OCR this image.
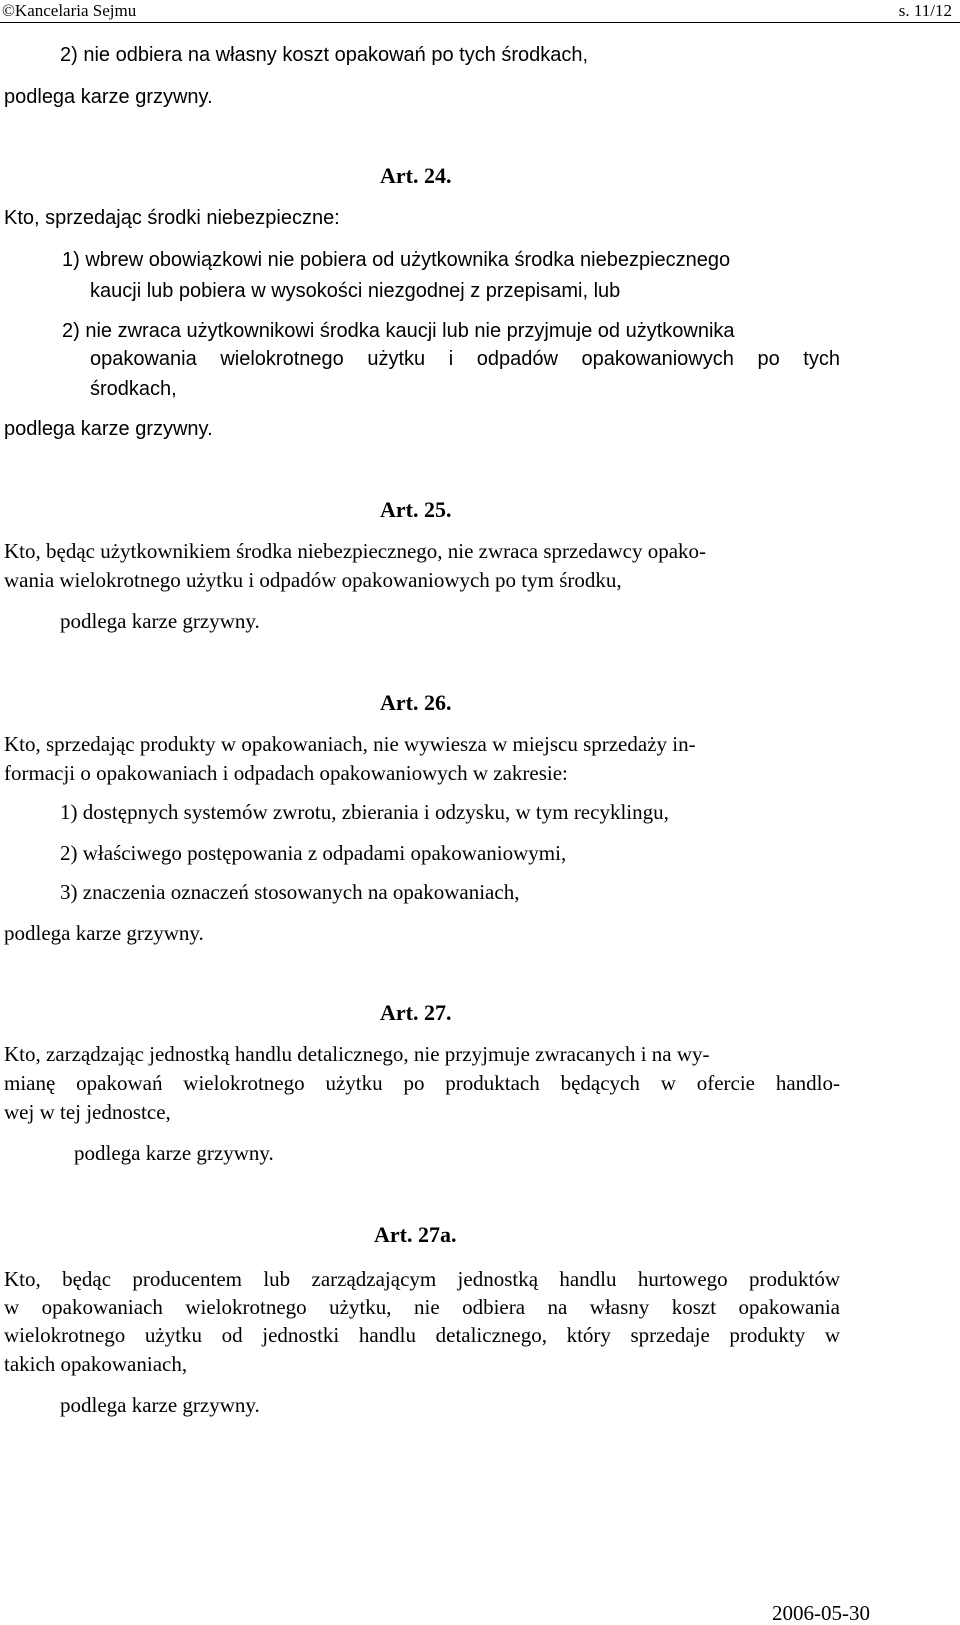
©Kancelaria Sejmu	s. 11/12
2) nie odbiera na własny koszt opakowań po tych środkach,
podlega karze grzywny.
Art. 24.
Kto, sprzedając środki niebezpieczne:
1) wbrew obowiązkowi nie pobiera od użytkownika środka niebezpiecznego
kaucji lub pobiera w wysokości niezgodnej z przepisami, lub
2) nie zwraca użytkownikowi środka kaucji lub nie przyjmuje od użytkownika
opakowania wielokrotnego użytku i odpadów opakowaniowych po tych
środkach,
podlega karze grzywny.
Art. 25.
Kto, będąc użytkownikiem środka niebezpiecznego, nie zwraca sprzedawcy opako-
wania wielokrotnego użytku i odpadów opakowaniowych po tym środku,
podlega karze grzywny.
Art. 26.
Kto, sprzedając produkty w opakowaniach, nie wywiesza w miejscu sprzedaży in-
formacji o opakowaniach i odpadach opakowaniowych w zakresie:
1) dostępnych systemów zwrotu, zbierania i odzysku, w tym recyklingu,
2) właściwego postępowania z odpadami opakowaniowymi,
3) znaczenia oznaczeń stosowanych na opakowaniach,
podlega karze grzywny.
Art. 27.
Kto, zarządzając jednostką handlu detalicznego, nie przyjmuje zwracanych i na wy-
mianę opakowań wielokrotnego użytku po produktach będących w ofercie handlo-
wej w tej jednostce,
podlega karze grzywny.
Art. 27a.
Kto, będąc producentem lub zarządzającym jednostką handlu hurtowego produktów
w opakowaniach wielokrotnego użytku, nie odbiera na własny koszt opakowania
wielokrotnego użytku od jednostki handlu detalicznego, który sprzedaje produkty w
takich opakowaniach,
podlega karze grzywny.
2006-05-30
